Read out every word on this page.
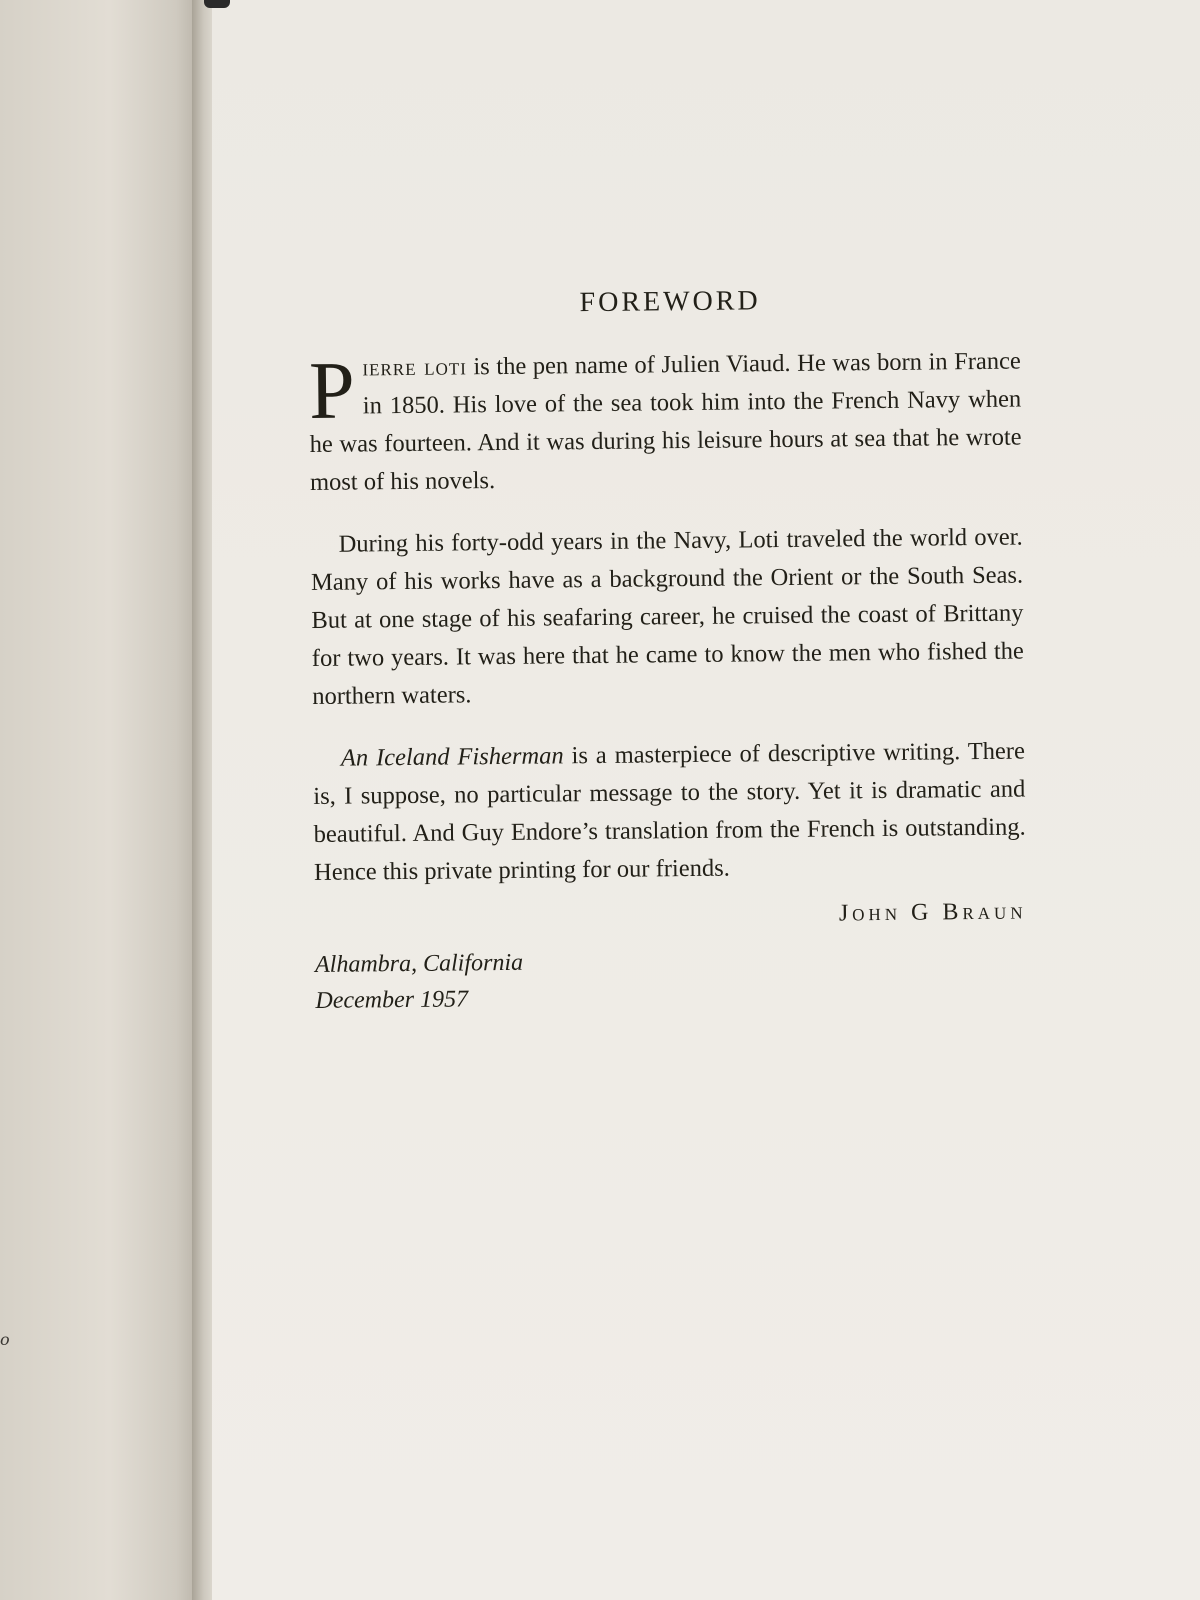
o
FOREWORD

Pierre loti is the pen name of Julien Viaud. He was born in France in 1850. His love of the sea took him into the French Navy when he was fourteen. And it was during his leisure hours at sea that he wrote most of his novels.

During his forty-odd years in the Navy, Loti traveled the world over. Many of his works have as a background the Orient or the South Seas. But at one stage of his seafaring career, he cruised the coast of Brittany for two years. It was here that he came to know the men who fished the northern waters.

An Iceland Fisherman is a masterpiece of descriptive writing. There is, I suppose, no particular message to the story. Yet it is dramatic and beautiful. And Guy Endore’s translation from the French is outstanding. Hence this private printing for our friends.

John G Braun
Alhambra, California
December 1957
